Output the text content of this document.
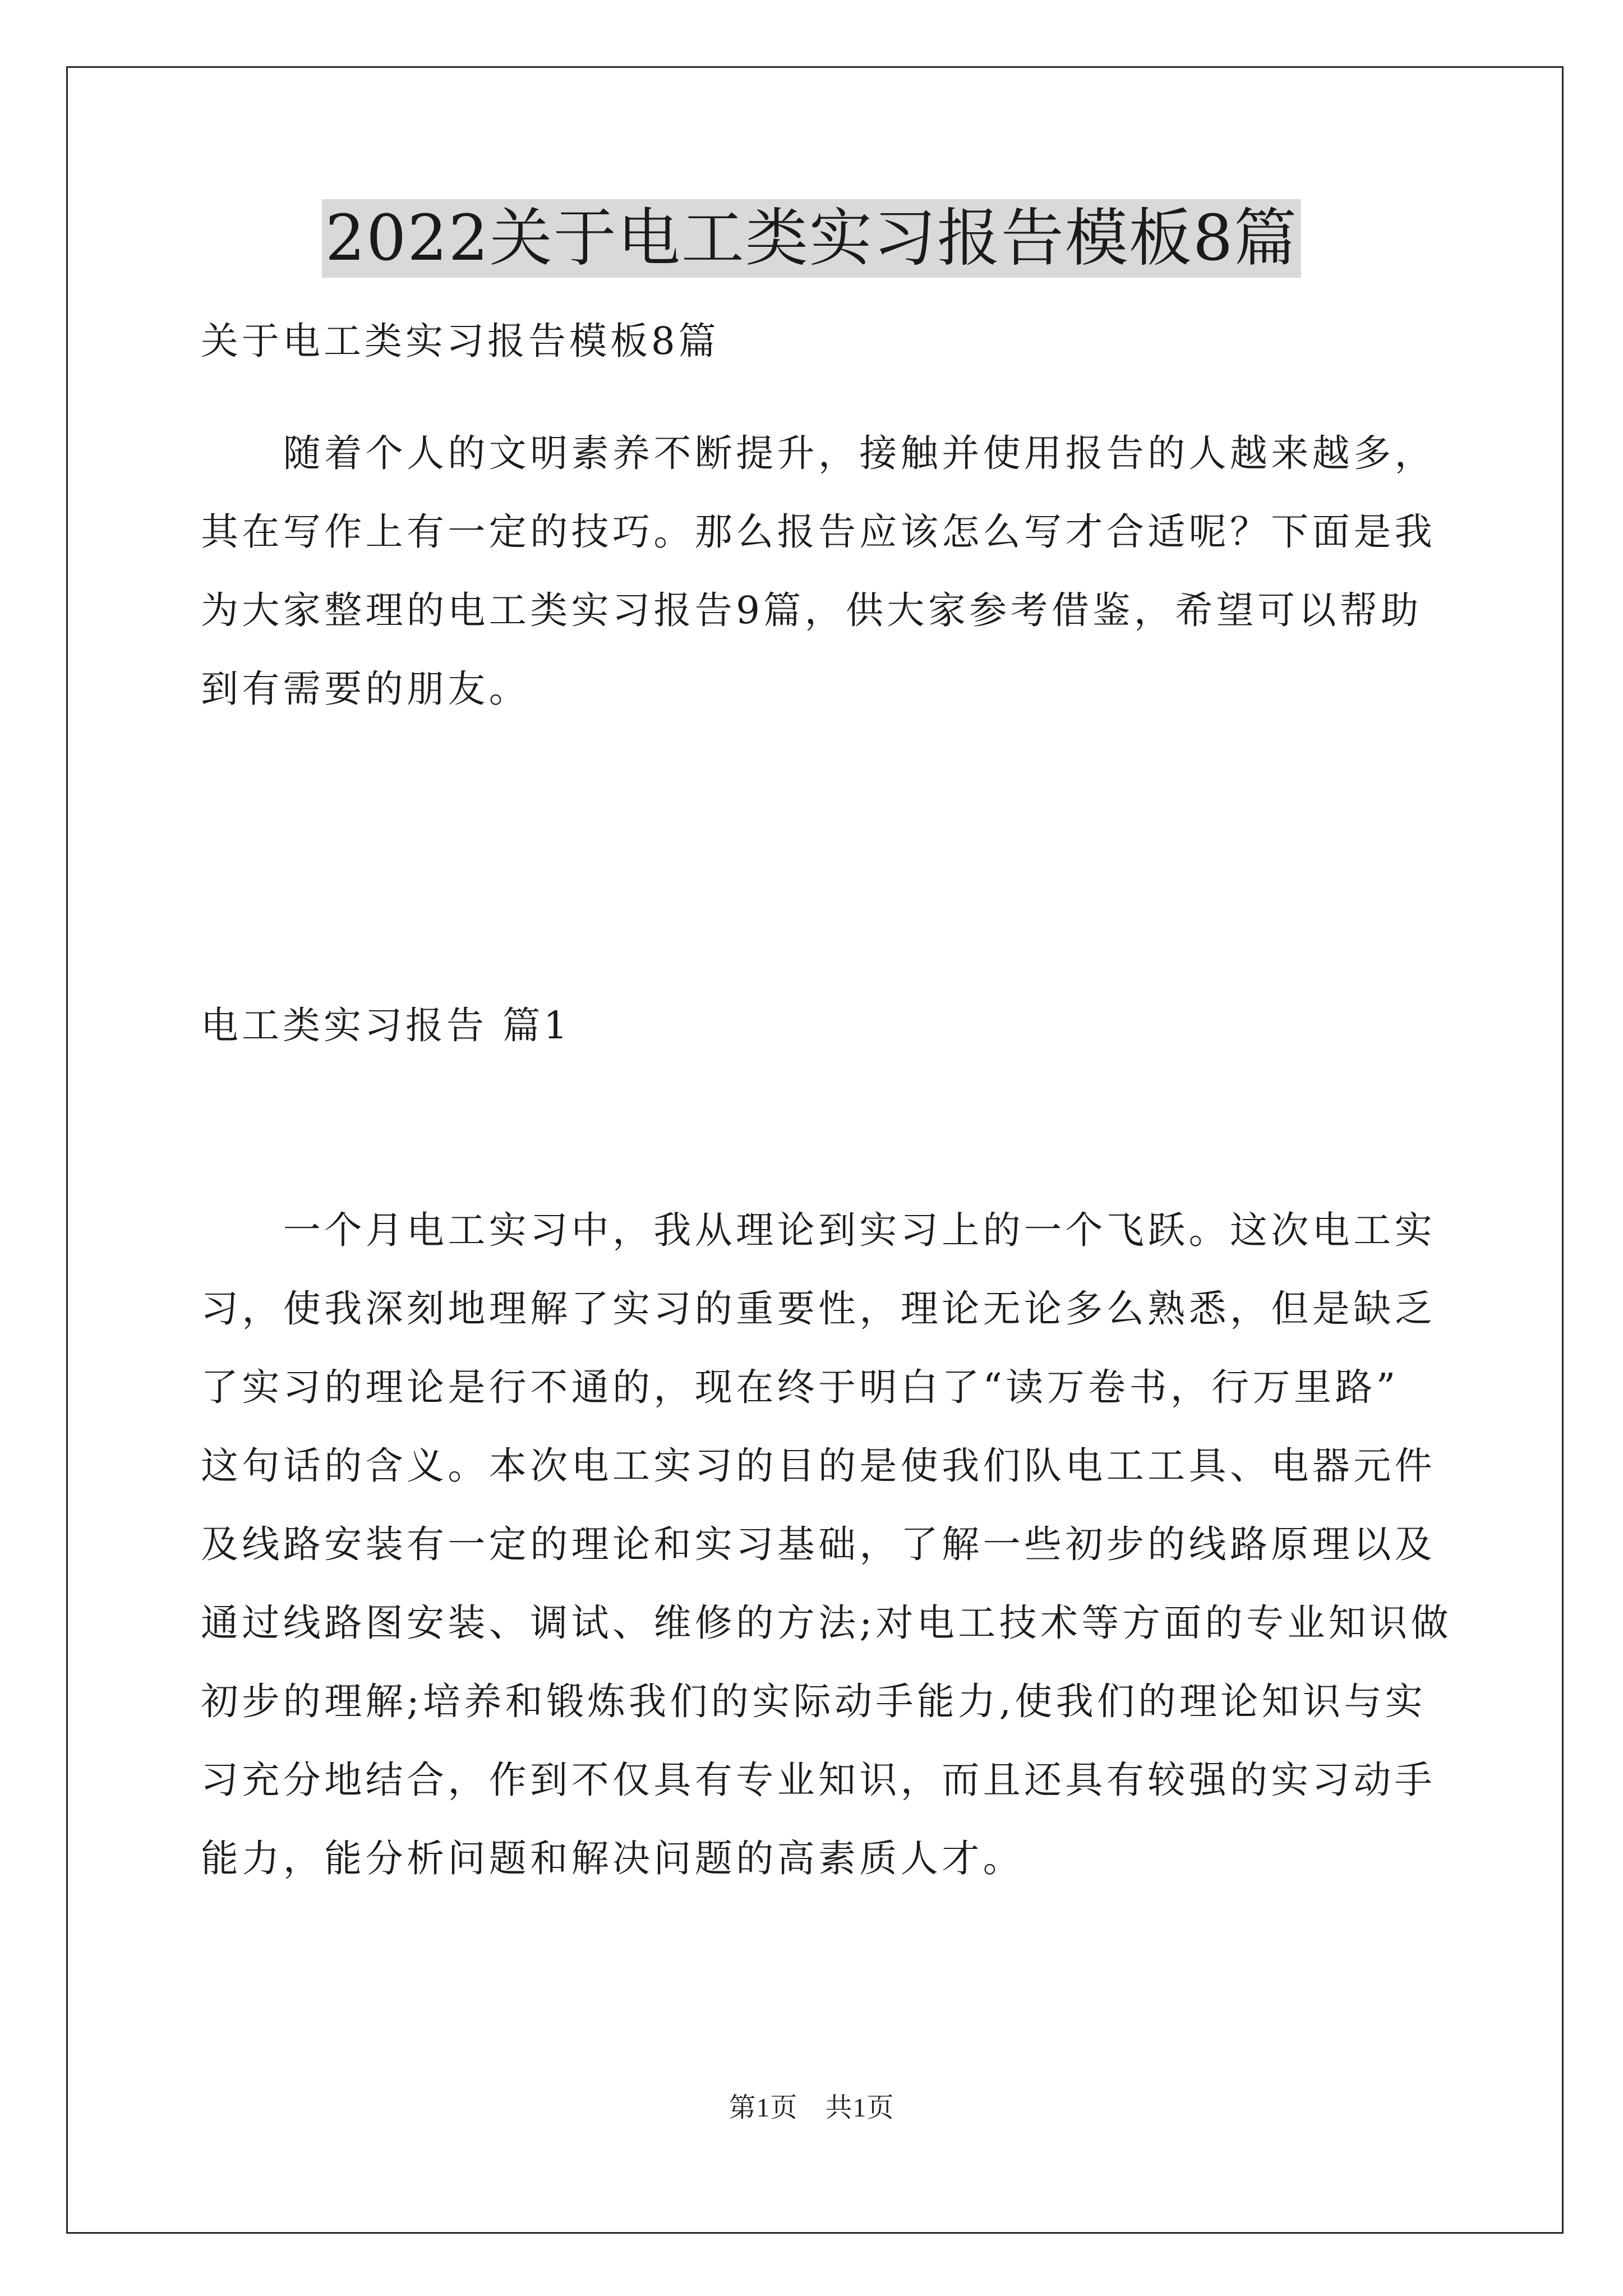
2022关于电工类实习报告模板8篇
关于电工类实习报告模板8篇

　　随着个人的文明素养不断提升，接触并使用报告的人越来越多，
其在写作上有一定的技巧。那么报告应该怎么写才合适呢？下面是我
为大家整理的电工类实习报告9篇，供大家参考借鉴，希望可以帮助
到有需要的朋友。

电工类实习报告 篇1

　　一个月电工实习中，我从理论到实习上的一个飞跃。这次电工实
习，使我深刻地理解了实习的重要性，理论无论多么熟悉，但是缺乏
了实习的理论是行不通的，现在终于明白了“读万卷书，行万里路”
这句话的含义。本次电工实习的目的是使我们队电工工具、电器元件
及线路安装有一定的理论和实习基础，了解一些初步的线路原理以及
通过线路图安装、调试、维修的方法;对电工技术等方面的专业知识做
初步的理解;培养和锻炼我们的实际动手能力,使我们的理论知识与实
习充分地结合，作到不仅具有专业知识，而且还具有较强的实习动手
能力，能分析问题和解决问题的高素质人才。

第1页　共1页
